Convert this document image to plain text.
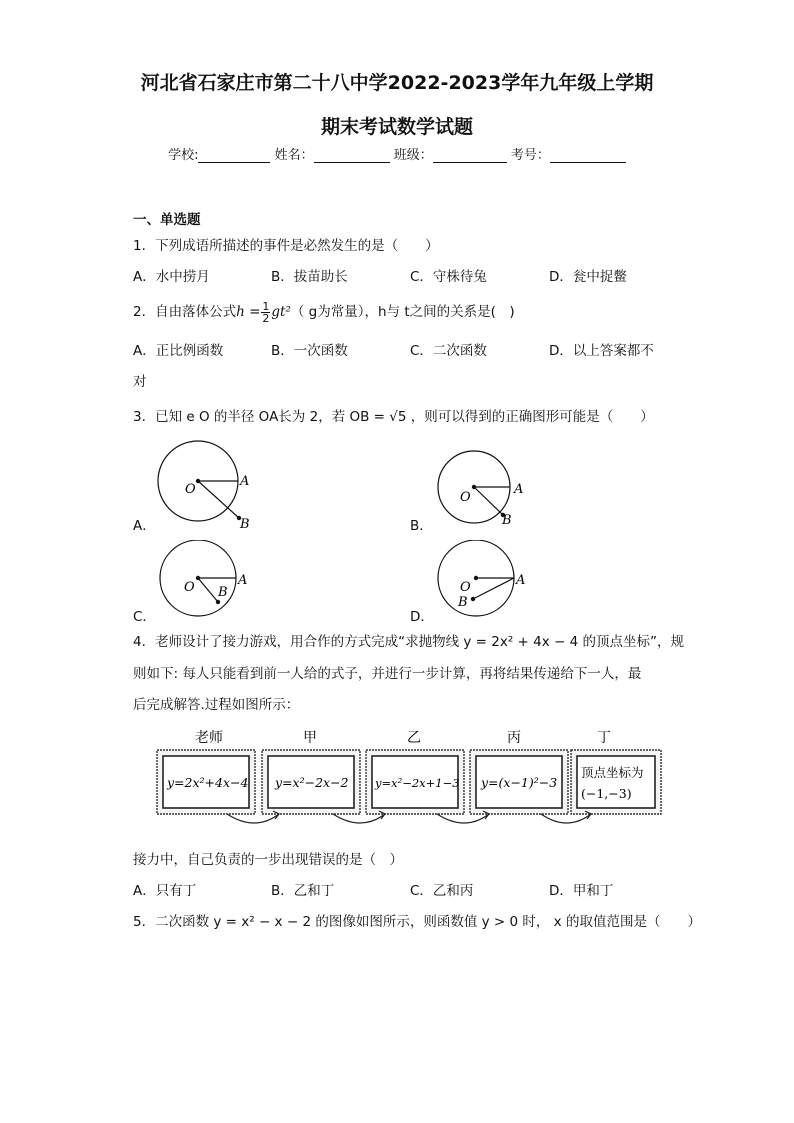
河北省石家庄市第二十八中学2022-2023学年九年级上学期
期末考试数学试题
学校:	姓名：	班级：	考号：
一、单选题
1．下列成语所描述的事件是必然发生的是（　　）
A．水中捞月	B．拔苗助长	C．守株待兔	D．瓮中捉鳖
2．自由落体公式$h = \frac{1}{2} gt^2$（ g为常量），h与 t之间的关系是(　)
A．正比例函数	B．一次函数	C．二次函数	D．以上答案都不
对
3．已知 e O 的半径 OA长为 2，若 OB = √5 ，则可以得到的正确图形可能是（　　）
A．
O
A
B	B．
O
A
B
C．
O	A
B
D．
O	A
B
4．老师设计了接力游戏，用合作的方式完成“求抛物线 y = 2x² + 4x − 4 的顶点坐标”，规
则如下: 每人只能看到前一人给的式子，并进行一步计算，再将结果传递给下一人，最
后完成解答.过程如图所示：
老师	甲	乙	丙	丁
y=2x²+4x−4 y=x²−2x−2 y=x²−2x+1−3 y=(x−1)²−3
顶点坐标为
(−1,−3)
接力中，自己负责的一步出现错误的是（　）
A．只有丁	B．乙和丁	C．乙和丙	D．甲和丁
5．二次函数 y = x² − x − 2 的图像如图所示，则函数值 y > 0 时， x 的取值范围是（　　）
